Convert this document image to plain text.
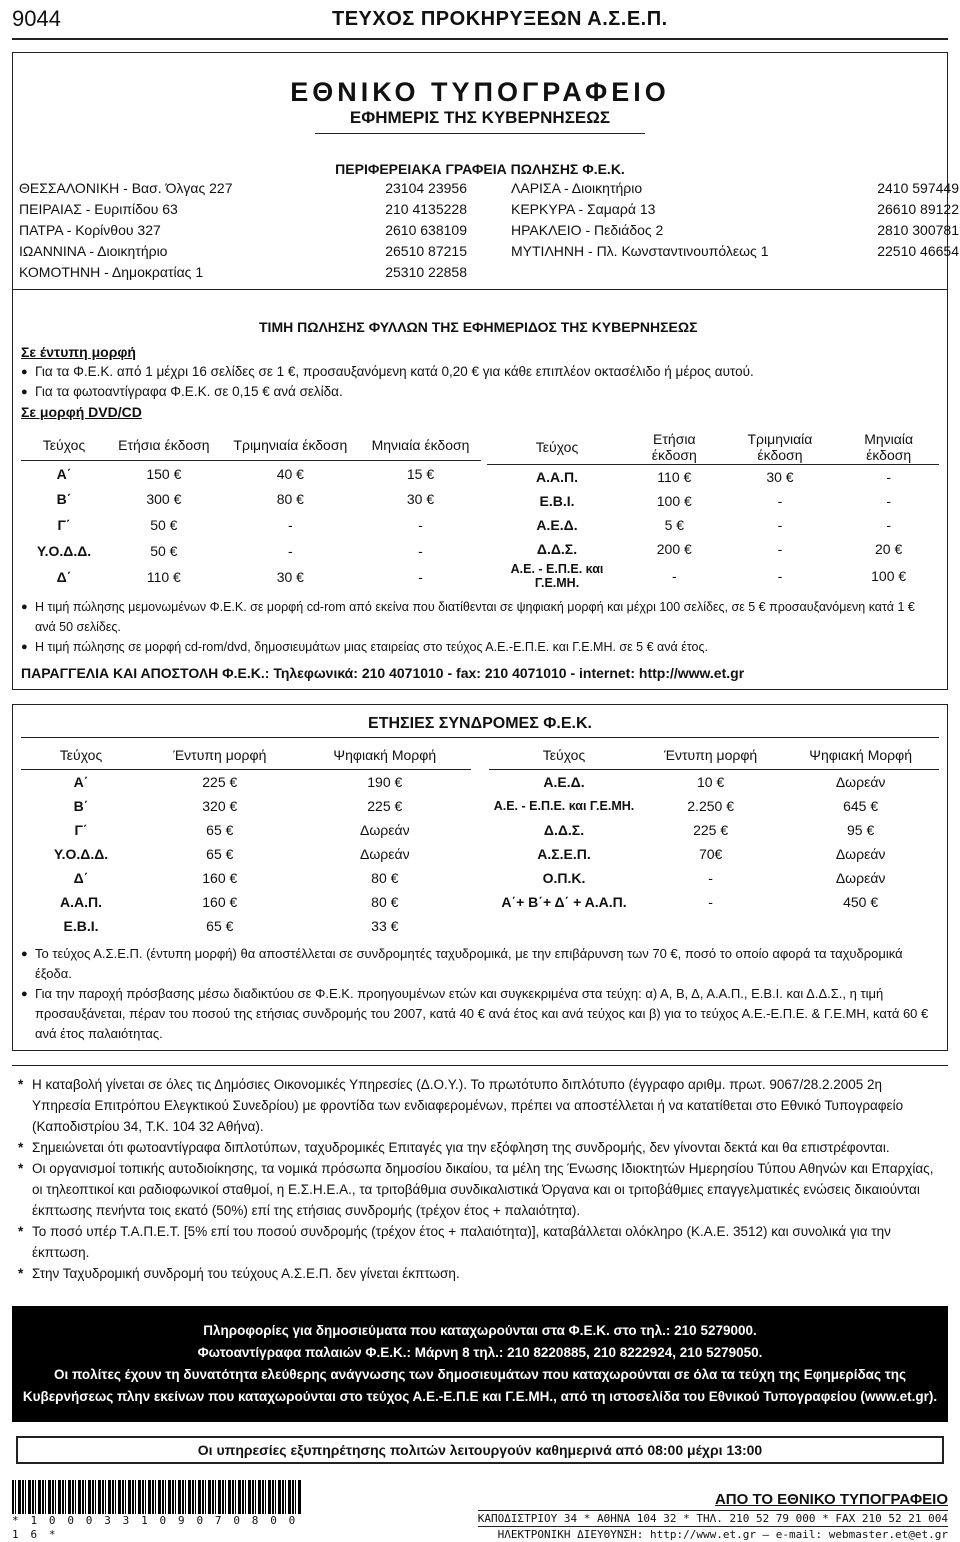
9044	ΤΕΥΧΟΣ ΠΡΟΚΗΡΥΞΕΩΝ Α.Σ.Ε.Π.
ΕΘΝΙΚΟ ΤΥΠΟΓΡΑΦΕΙΟ
ΕΦΗΜΕΡΙΣ ΤΗΣ ΚΥΒΕΡΝΗΣΕΩΣ
ΠΕΡΙΦΕΡΕΙΑΚΑ ΓΡΑΦΕΙΑ ΠΩΛΗΣΗΣ Φ.Ε.Κ.
ΘΕΣΣΑΛΟΝΙΚΗ - Βασ. Όλγας 227	23104 23956	ΛΑΡΙΣΑ - Διοικητήριο	2410 597449
ΠΕΙΡΑΙΑΣ - Ευριπίδου 63	210 4135228	ΚΕΡΚΥΡΑ - Σαμαρά 13	26610 89122
ΠΑΤΡΑ - Κορίνθου 327	2610 638109	ΗΡΑΚΛΕΙΟ - Πεδιάδος 2	2810 300781
ΙΩΑΝΝΙΝΑ - Διοικητήριο	26510 87215	ΜΥΤΙΛΗΝΗ - Πλ. Κωνσταντινουπόλεως 1	22510 46654
ΚΟΜΟΤΗΝΗ - Δημοκρατίας 1	25310 22858
ΤΙΜΗ ΠΩΛΗΣΗΣ ΦΥΛΛΩΝ ΤΗΣ ΕΦΗΜΕΡΙΔΟΣ ΤΗΣ ΚΥΒΕΡΝΗΣΕΩΣ
Σε έντυπη μορφή
● Για τα Φ.Ε.Κ. από 1 μέχρι 16 σελίδες σε 1 €, προσαυξανόμενη κατά 0,20 € για κάθε επιπλέον οκτασέλιδο ή μέρος αυτού.
● Για τα φωτοαντίγραφα Φ.Ε.Κ. σε 0,15 € ανά σελίδα.
Σε μορφή DVD/CD
Τεύχος	Ετήσια έκδοση	Τριμηνιαία έκδοση	Μηνιαία έκδοση
Α΄	150 €	40 €	15 €
Β΄	300 €	80 €	30 €
Γ΄	50 €	-	-
Υ.Ο.Δ.Δ.	50 €	-	-
Δ΄	110 €	30 €	-
Τεύχος	Ετήσια έκδοση	Τριμηνιαία έκδοση	Μηνιαία έκδοση
Α.Α.Π.	110 €	30 €	-
Ε.Β.Ι.	100 €	-	-
Α.Ε.Δ.	5 €	-	-
Δ.Δ.Σ.	200 €	-	20 €
Α.Ε. - Ε.Π.Ε. και Γ.Ε.ΜΗ.	-	-	100 €
● Η τιμή πώλησης μεμονωμένων Φ.Ε.Κ. σε μορφή cd-rom από εκείνα που διατίθενται σε ψηφιακή μορφή και μέχρι 100 σελίδες, σε 5 € προσαυξανόμενη κατά 1 € ανά 50 σελίδες.
● Η τιμή πώλησης σε μορφή cd-rom/dvd, δημοσιευμάτων μιας εταιρείας στο τεύχος Α.Ε.-Ε.Π.Ε. και Γ.Ε.ΜΗ. σε 5 € ανά έτος.
ΠΑΡΑΓΓΕΛΙΑ ΚΑΙ ΑΠΟΣΤΟΛΗ Φ.Ε.Κ.: Τηλεφωνικά: 210 4071010 - fax: 210 4071010 - internet: http://www.et.gr
ΕΤΗΣΙΕΣ ΣΥΝΔΡΟΜΕΣ Φ.Ε.Κ.
Τεύχος	Έντυπη μορφή	Ψηφιακή Μορφή
Α΄	225 €	190 €
Β΄	320 €	225 €
Γ΄	65 €	Δωρεάν
Υ.Ο.Δ.Δ.	65 €	Δωρεάν
Δ΄	160 €	80 €
Α.Α.Π.	160 €	80 €
Ε.Β.Ι.	65 €	33 €
Τεύχος	Έντυπη μορφή	Ψηφιακή Μορφή
Α.Ε.Δ.	10 €	Δωρεάν
Α.Ε. - Ε.Π.Ε. και Γ.Ε.ΜΗ.	2.250 €	645 €
Δ.Δ.Σ.	225 €	95 €
Α.Σ.Ε.Π.	70€	Δωρεάν
Ο.Π.Κ.	-	Δωρεάν
Α΄+ Β΄+ Δ΄ + Α.Α.Π.	-	450 €

● Το τεύχος Α.Σ.Ε.Π. (έντυπη μορφή) θα αποστέλλεται σε συνδρομητές ταχυδρομικά, με την επιβάρυνση των 70 €, ποσό το οποίο αφορά τα ταχυδρομικά έξοδα.
● Για την παροχή πρόσβασης μέσω διαδικτύου σε Φ.Ε.Κ. προηγουμένων ετών και συγκεκριμένα στα τεύχη: α) Α, Β, Δ, Α.Α.Π., Ε.Β.Ι. και Δ.Δ.Σ., η τιμή προσαυξάνεται, πέραν του ποσού της ετήσιας συνδρομής του 2007, κατά 40 € ανά έτος και ανά τεύχος και β) για το τεύχος Α.Ε.-Ε.Π.Ε. & Γ.Ε.ΜΗ, κατά 60 € ανά έτος παλαιότητας.
* Η καταβολή γίνεται σε όλες τις Δημόσιες Οικονομικές Υπηρεσίες (Δ.Ο.Υ.). Το πρωτότυπο διπλότυπο (έγγραφο αριθμ. πρωτ. 9067/28.2.2005 2η Υπηρεσία Επιτρόπου Ελεγκτικού Συνεδρίου) με φροντίδα των ενδιαφερομένων, πρέπει να αποστέλλεται ή να κατατίθεται στο Εθνικό Τυπογραφείο (Καποδιστρίου 34, Τ.Κ. 104 32 Αθήνα).
* Σημειώνεται ότι φωτοαντίγραφα διπλοτύπων, ταχυδρομικές Επιταγές για την εξόφληση της συνδρομής, δεν γίνονται δεκτά και θα επιστρέφονται.
* Οι οργανισμοί τοπικής αυτοδιοίκησης, τα νομικά πρόσωπα δημοσίου δικαίου, τα μέλη της Ένωσης Ιδιοκτητών Ημερησίου Τύπου Αθηνών και Επαρχίας, οι τηλεοπτικοί και ραδιοφωνικοί σταθμοί, η Ε.Σ.Η.Ε.Α., τα τριτοβάθμια συνδικαλιστικά Όργανα και οι τριτοβάθμιες επαγγελματικές ενώσεις δικαιούνται έκπτωσης πενήντα τοις εκατό (50%) επί της ετήσιας συνδρομής (τρέχον έτος + παλαιότητα).
* Το ποσό υπέρ Τ.Α.Π.Ε.Τ. [5% επί του ποσού συνδρομής (τρέχον έτος + παλαιότητα)], καταβάλλεται ολόκληρο (Κ.Α.Ε. 3512) και συνολικά για την έκπτωση.
* Στην Ταχυδρομική συνδρομή του τεύχους Α.Σ.Ε.Π. δεν γίνεται έκπτωση.
Πληροφορίες για δημοσιεύματα που καταχωρούνται στα Φ.Ε.Κ. στο τηλ.: 210 5279000.
Φωτοαντίγραφα παλαιών Φ.Ε.Κ.: Μάρνη 8 τηλ.: 210 8220885, 210 8222924, 210 5279050.
Οι πολίτες έχουν τη δυνατότητα ελεύθερης ανάγνωσης των δημοσιευμάτων που καταχωρούνται σε όλα τα τεύχη της Εφημερίδας της
Κυβερνήσεως πλην εκείνων που καταχωρούνται στο τεύχος Α.Ε.-Ε.Π.Ε και Γ.Ε.ΜΗ., από τη ιστοσελίδα του Εθνικού Τυπογραφείου (www.et.gr).
Οι υπηρεσίες εξυπηρέτησης πολιτών λειτουργούν καθημερινά από 08:00 μέχρι 13:00
* 1 0 0 0 3 3 1 0 9 0 7 0 8 0 0 1 6 *
ΑΠΟ ΤΟ ΕΘΝΙΚΟ ΤΥΠΟΓΡΑΦΕΙΟ
ΚΑΠΟΔΙΣΤΡΙΟΥ 34 * ΑΘΗΝΑ 104 32 * ΤΗΛ. 210 52 79 000 * FAX 210 52 21 004
ΗΛΕΚΤΡΟΝΙΚΗ ΔΙΕΥΘΥΝΣΗ: http://www.et.gr — e-mail: webmaster.et@et.gr
